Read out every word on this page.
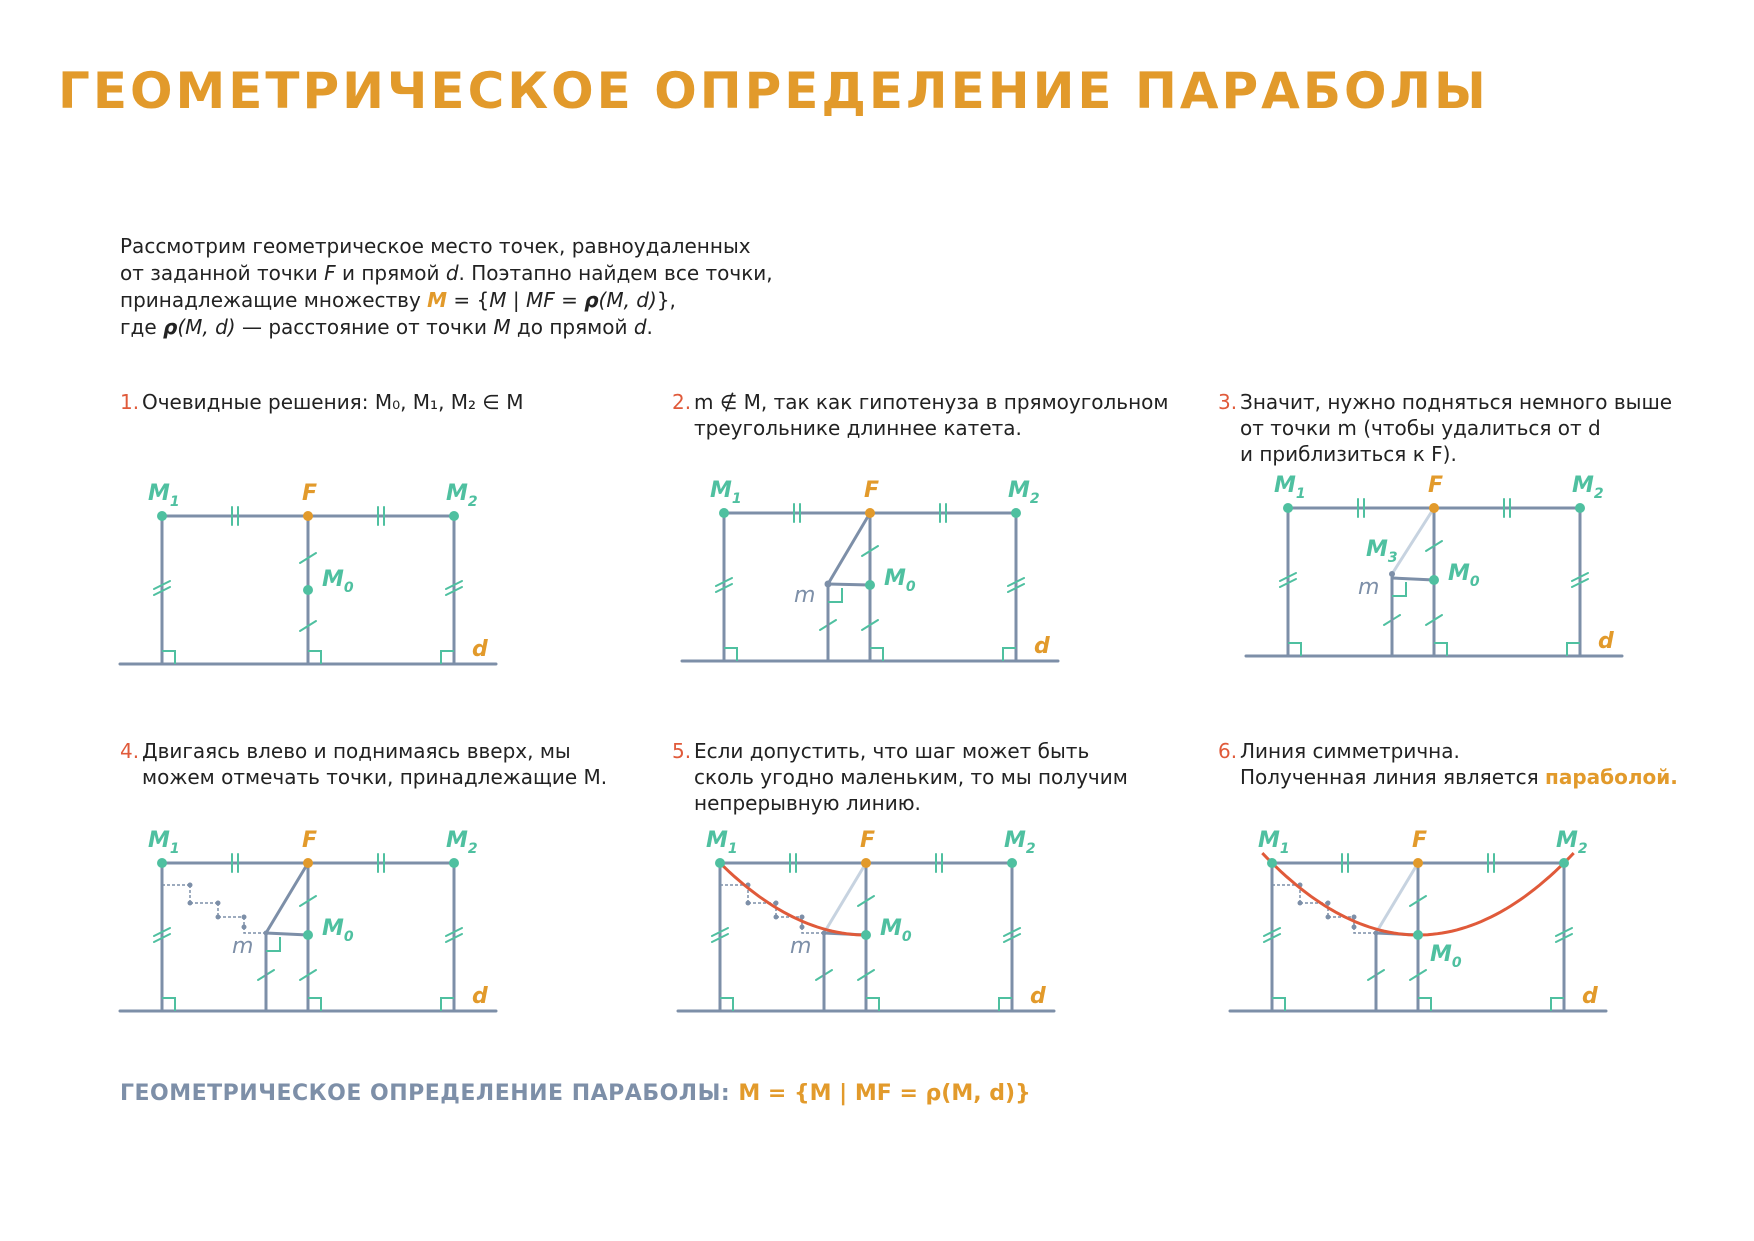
ГЕОМЕТРИЧЕСКОЕ ОПРЕДЕЛЕНИЕ ПАРАБОЛЫ
Рассмотрим геометрическое место точек, равноудаленных
от заданной точки F и прямой d. Поэтапно найдем все точки,
принадлежащие множеству M = {M | MF = ρ(M, d)},
где ρ(M, d) — расстояние от точки M до прямой d.
1. Очевидные решения: M₀, M₁, M₂ ∈ M	2. m ∉ M, так как гипотенуза в прямоугольном
треугольнике длиннее катета.
3. Значит, нужно подняться немного выше
от точки m (чтобы удалиться от d
и приблизиться к F).
4. Двигаясь влево и поднимаясь вверх, мы
можем отмечать точки, принадлежащие M.
5. Если допустить, что шаг может быть
сколь угодно маленьким, то мы получим
непрерывную линию.
6. Линия симметрична.
Полученная линия является параболой.
$M_1$	F	$M_2$
d
$M_0$
$M_1$	F	$M_2$
d
$M_0$
m
$M_1$	F	$M_2$
d
$M_0$
$M_3$
m
$M_1$	F	$M_2$
d
$M_0$
m
$M_1$	F	$M_2$
d
$M_0$
m
$M_1$	F	$M_2$
d
$M_0$
ГЕОМЕТРИЧЕСКОЕ ОПРЕДЕЛЕНИЕ ПАРАБОЛЫ: M = {M | MF = ρ(M, d)}
